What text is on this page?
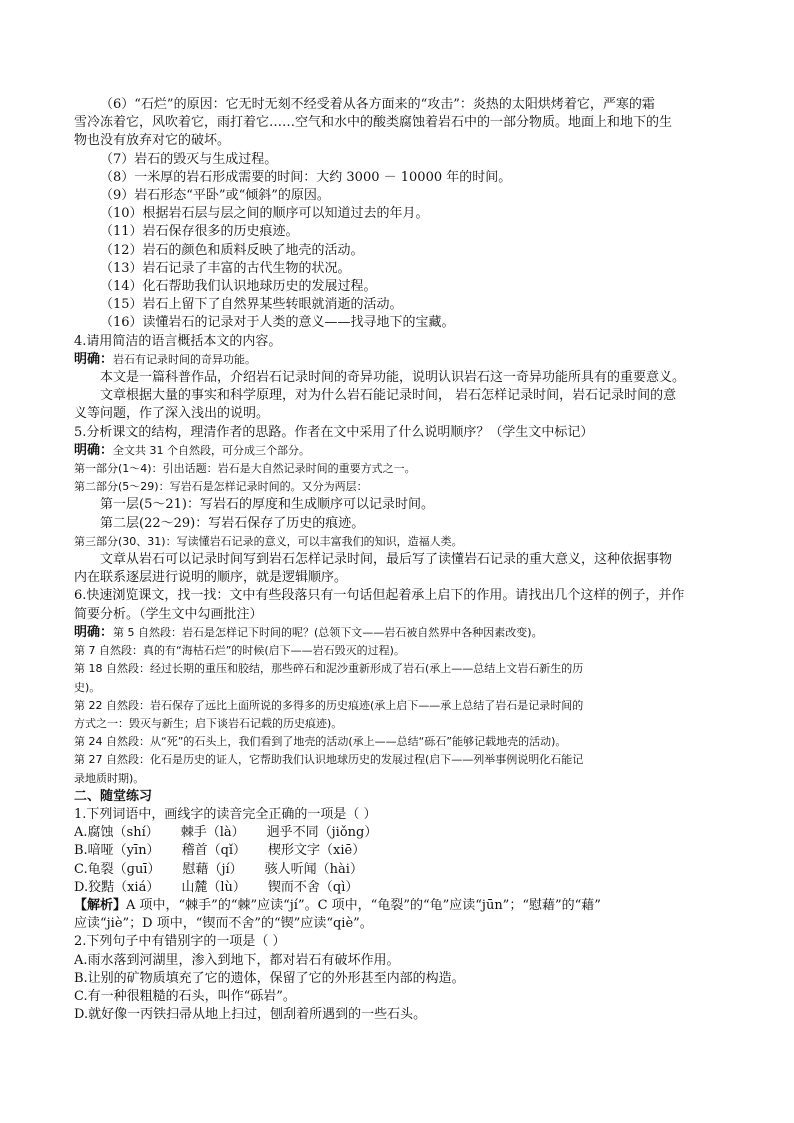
（6）“石烂”的原因：它无时无刻不经受着从各方面来的“攻击”：炎热的太阳烘烤着它，严寒的霜
雪冷冻着它，风吹着它，雨打着它……空气和水中的酸类腐蚀着岩石中的一部分物质。地面上和地下的生
物也没有放弃对它的破坏。
（7）岩石的毁灭与生成过程。
（8）一米厚的岩石形成需要的时间：大约 3000 － 10000 年的时间。
（9）岩石形态“平卧”或“倾斜”的原因。
（10）根据岩石层与层之间的顺序可以知道过去的年月。
（11）岩石保存很多的历史痕迹。
（12）岩石的颜色和质料反映了地壳的活动。
（13）岩石记录了丰富的古代生物的状况。
（14）化石帮助我们认识地球历史的发展过程。
（15）岩石上留下了自然界某些转眼就消逝的活动。
（16）读懂岩石的记录对于人类的意义——找寻地下的宝藏。
4.请用简洁的语言概括本文的内容。
明确：岩石有记录时间的奇异功能。
本文是一篇科普作品，介绍岩石记录时间的奇异功能，说明认识岩石这一奇异功能所具有的重要意义。
文章根据大量的事实和科学原理，对为什么岩石能记录时间， 岩石怎样记录时间，岩石记录时间的意
义等问题，作了深入浅出的说明。
5.分析课文的结构，理清作者的思路。作者在文中采用了什么说明顺序？（学生文中标记）
明确：全文共 31 个自然段，可分成三个部分。
第一部分(1～4)：引出话题：岩石是大自然记录时间的重要方式之一。
第二部分(5～29)：写岩石是怎样记录时间的。又分为两层：
第一层(5～21)：写岩石的厚度和生成顺序可以记录时间。
第二层(22～29)：写岩石保存了历史的痕迹。
第三部分(30、31)：写读懂岩石记录的意义，可以丰富我们的知识，造福人类。
文章从岩石可以记录时间写到岩石怎样记录时间，最后写了读懂岩石记录的重大意义，这种依据事物
内在联系逐层进行说明的顺序，就是逻辑顺序。
6.快速浏览课文，找一找：文中有些段落只有一句话但起着承上启下的作用。请找出几个这样的例子，并作
简要分析。（学生文中勾画批注）
明确：第 5 自然段：岩石是怎样记下时间的呢？(总领下文——岩石被自然界中各种因素改变)。
第 7 自然段：真的有“海枯石烂”的时候(启下——岩石毁灭的过程)。
第 18 自然段：经过长期的重压和胶结，那些碎石和泥沙重新形成了岩石(承上——总结上文岩石新生的历
史)。
第 22 自然段：岩石保存了远比上面所说的多得多的历史痕迹(承上启下——承上总结了岩石是记录时间的
方式之一：毁灭与新生；启下谈岩石记载的历史痕迹)。
第 24 自然段：从“死”的石头上，我们看到了地壳的活动(承上——总结“砾石”能够记载地壳的活动)。
第 27 自然段：化石是历史的证人，它帮助我们认识地球历史的发展过程(启下——列举事例说明化石能记
录地质时期)。
二、随堂练习
1.下列词语中，画线字的读音完全正确的一项是（ ）
A.腐蚀（shí） 棘手（là） 迥乎不同（jiǒng）
B.喑哑（yīn） 稽首（qǐ） 楔形文字（xiē）
C.龟裂（ɡuī） 慰藉（jí） 骇人听闻（hài）
D.狡黠（xiá） 山麓（lù） 锲而不舍（qì）
【解析】A 项中，“棘手”的“棘”应读“jí”。C 项中，“龟裂”的“龟”应读“jūn”；“慰藉”的“藉”
应读“jiè”；D 项中，“锲而不舍”的“锲”应读“qiè”。
2.下列句子中有错别字的一项是（ ）
A.雨水落到河湖里，渗入到地下，都对岩石有破坏作用。
B.让别的矿物质填充了它的遗体，保留了它的外形甚至内部的构造。
C.有一种很粗糙的石头，叫作“砾岩”。
D.就好像一丙铁扫帚从地上扫过，刨刮着所遇到的一些石头。
